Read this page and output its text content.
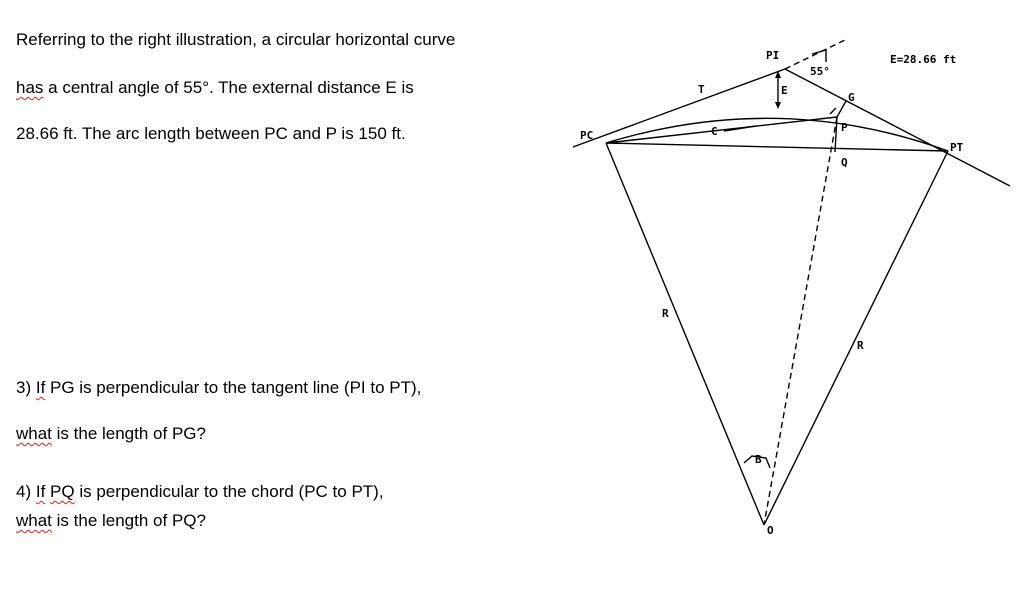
Referring to the right illustration, a circular horizontal curve
has a central angle of 55°. The external distance E is
28.66 ft. The arc length between PC and P is 150 ft.
3) If PG is perpendicular to the tangent line (PI to PT),
what is the length of PG?
4) If PQ is perpendicular to the chord (PC to PT),
what is the length of PQ?
PI
55°
E=28.66 ft
T	E
G
PC	C	P
Q
PT
R
R
B
O
